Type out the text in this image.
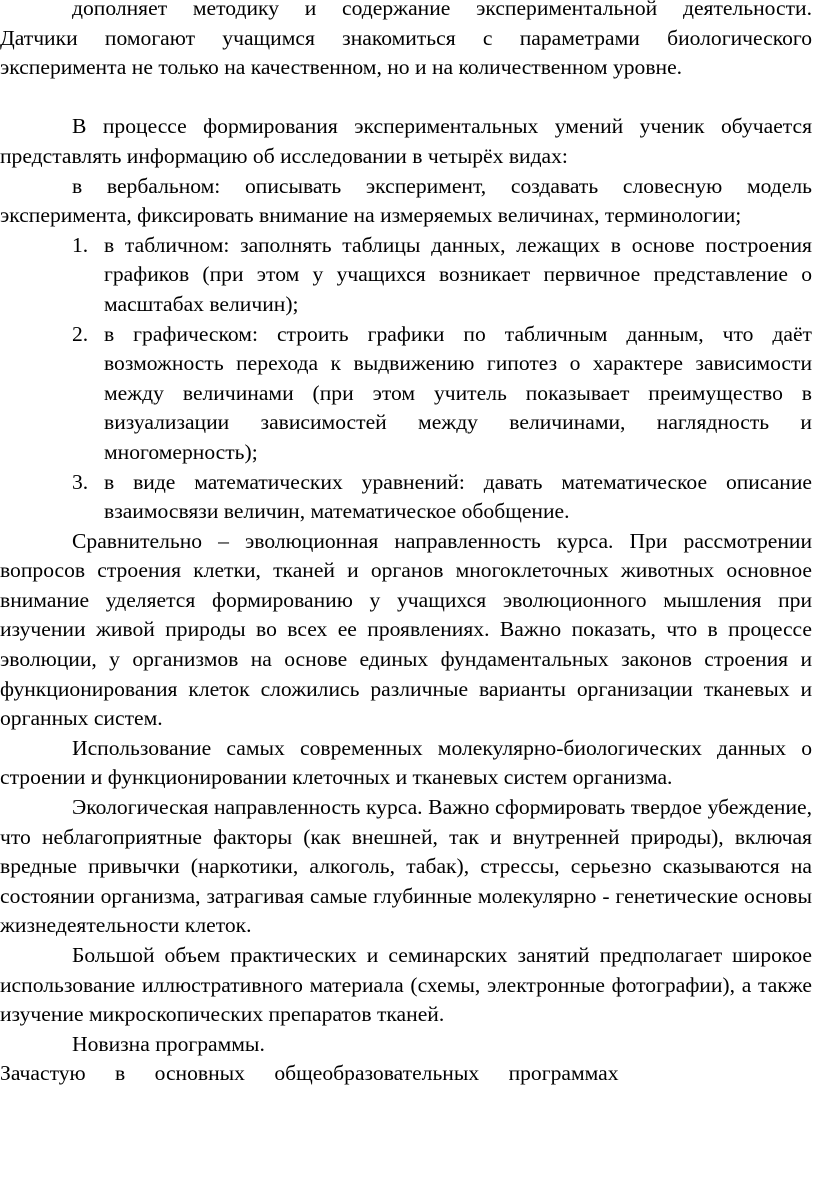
дополняет методику и содержание экспериментальной деятельности.

Датчики помогают учащимся знакомиться с параметрами биологического эксперимента не только на качественном, но и на количественном уровне.

В процессе формирования экспериментальных умений ученик обучается представлять информацию об исследовании в четырёх видах:

в вербальном: описывать эксперимент, создавать словесную модель эксперимента, фиксировать внимание на измеряемых величинах, терминологии;

1. в табличном: заполнять таблицы данных, лежащих в основе построения графиков (при этом у учащихся возникает первичное представление о масштабах величин);
2. в графическом: строить графики по табличным данным, что даёт возможность перехода к выдвижению гипотез о характере зависимости между величинами (при этом учитель показывает преимущество в визуализации зависимостей между величинами, наглядность и многомерность);
3. в виде математических уравнений: давать математическое описание взаимосвязи величин, математическое обобщение.

Сравнительно – эволюционная направленность курса. При рассмотрении вопросов строения клетки, тканей и органов многоклеточных животных основное внимание уделяется формированию у учащихся эволюционного мышления при изучении живой природы во всех ее проявлениях. Важно показать, что в процессе эволюции, у организмов на основе единых фундаментальных законов строения и функционирования клеток сложились различные варианты организации тканевых и органных систем.

Использование самых современных молекулярно-биологических данных о строении и функционировании клеточных и тканевых систем организма.

Экологическая направленность курса. Важно сформировать твердое убеждение, что неблагоприятные факторы (как внешней, так и внутренней природы), включая вредные привычки (наркотики, алкоголь, табак), стрессы, серьезно сказываются на состоянии организма, затрагивая самые глубинные молекулярно - генетические основы жизнедеятельности клеток.

Большой объем практических и семинарских занятий предполагает широкое использование иллюстративного материала (схемы, электронные фотографии), а также изучение микроскопических препаратов тканей.

Новизна программы.

Зачастую в основных общеобразовательных программах
